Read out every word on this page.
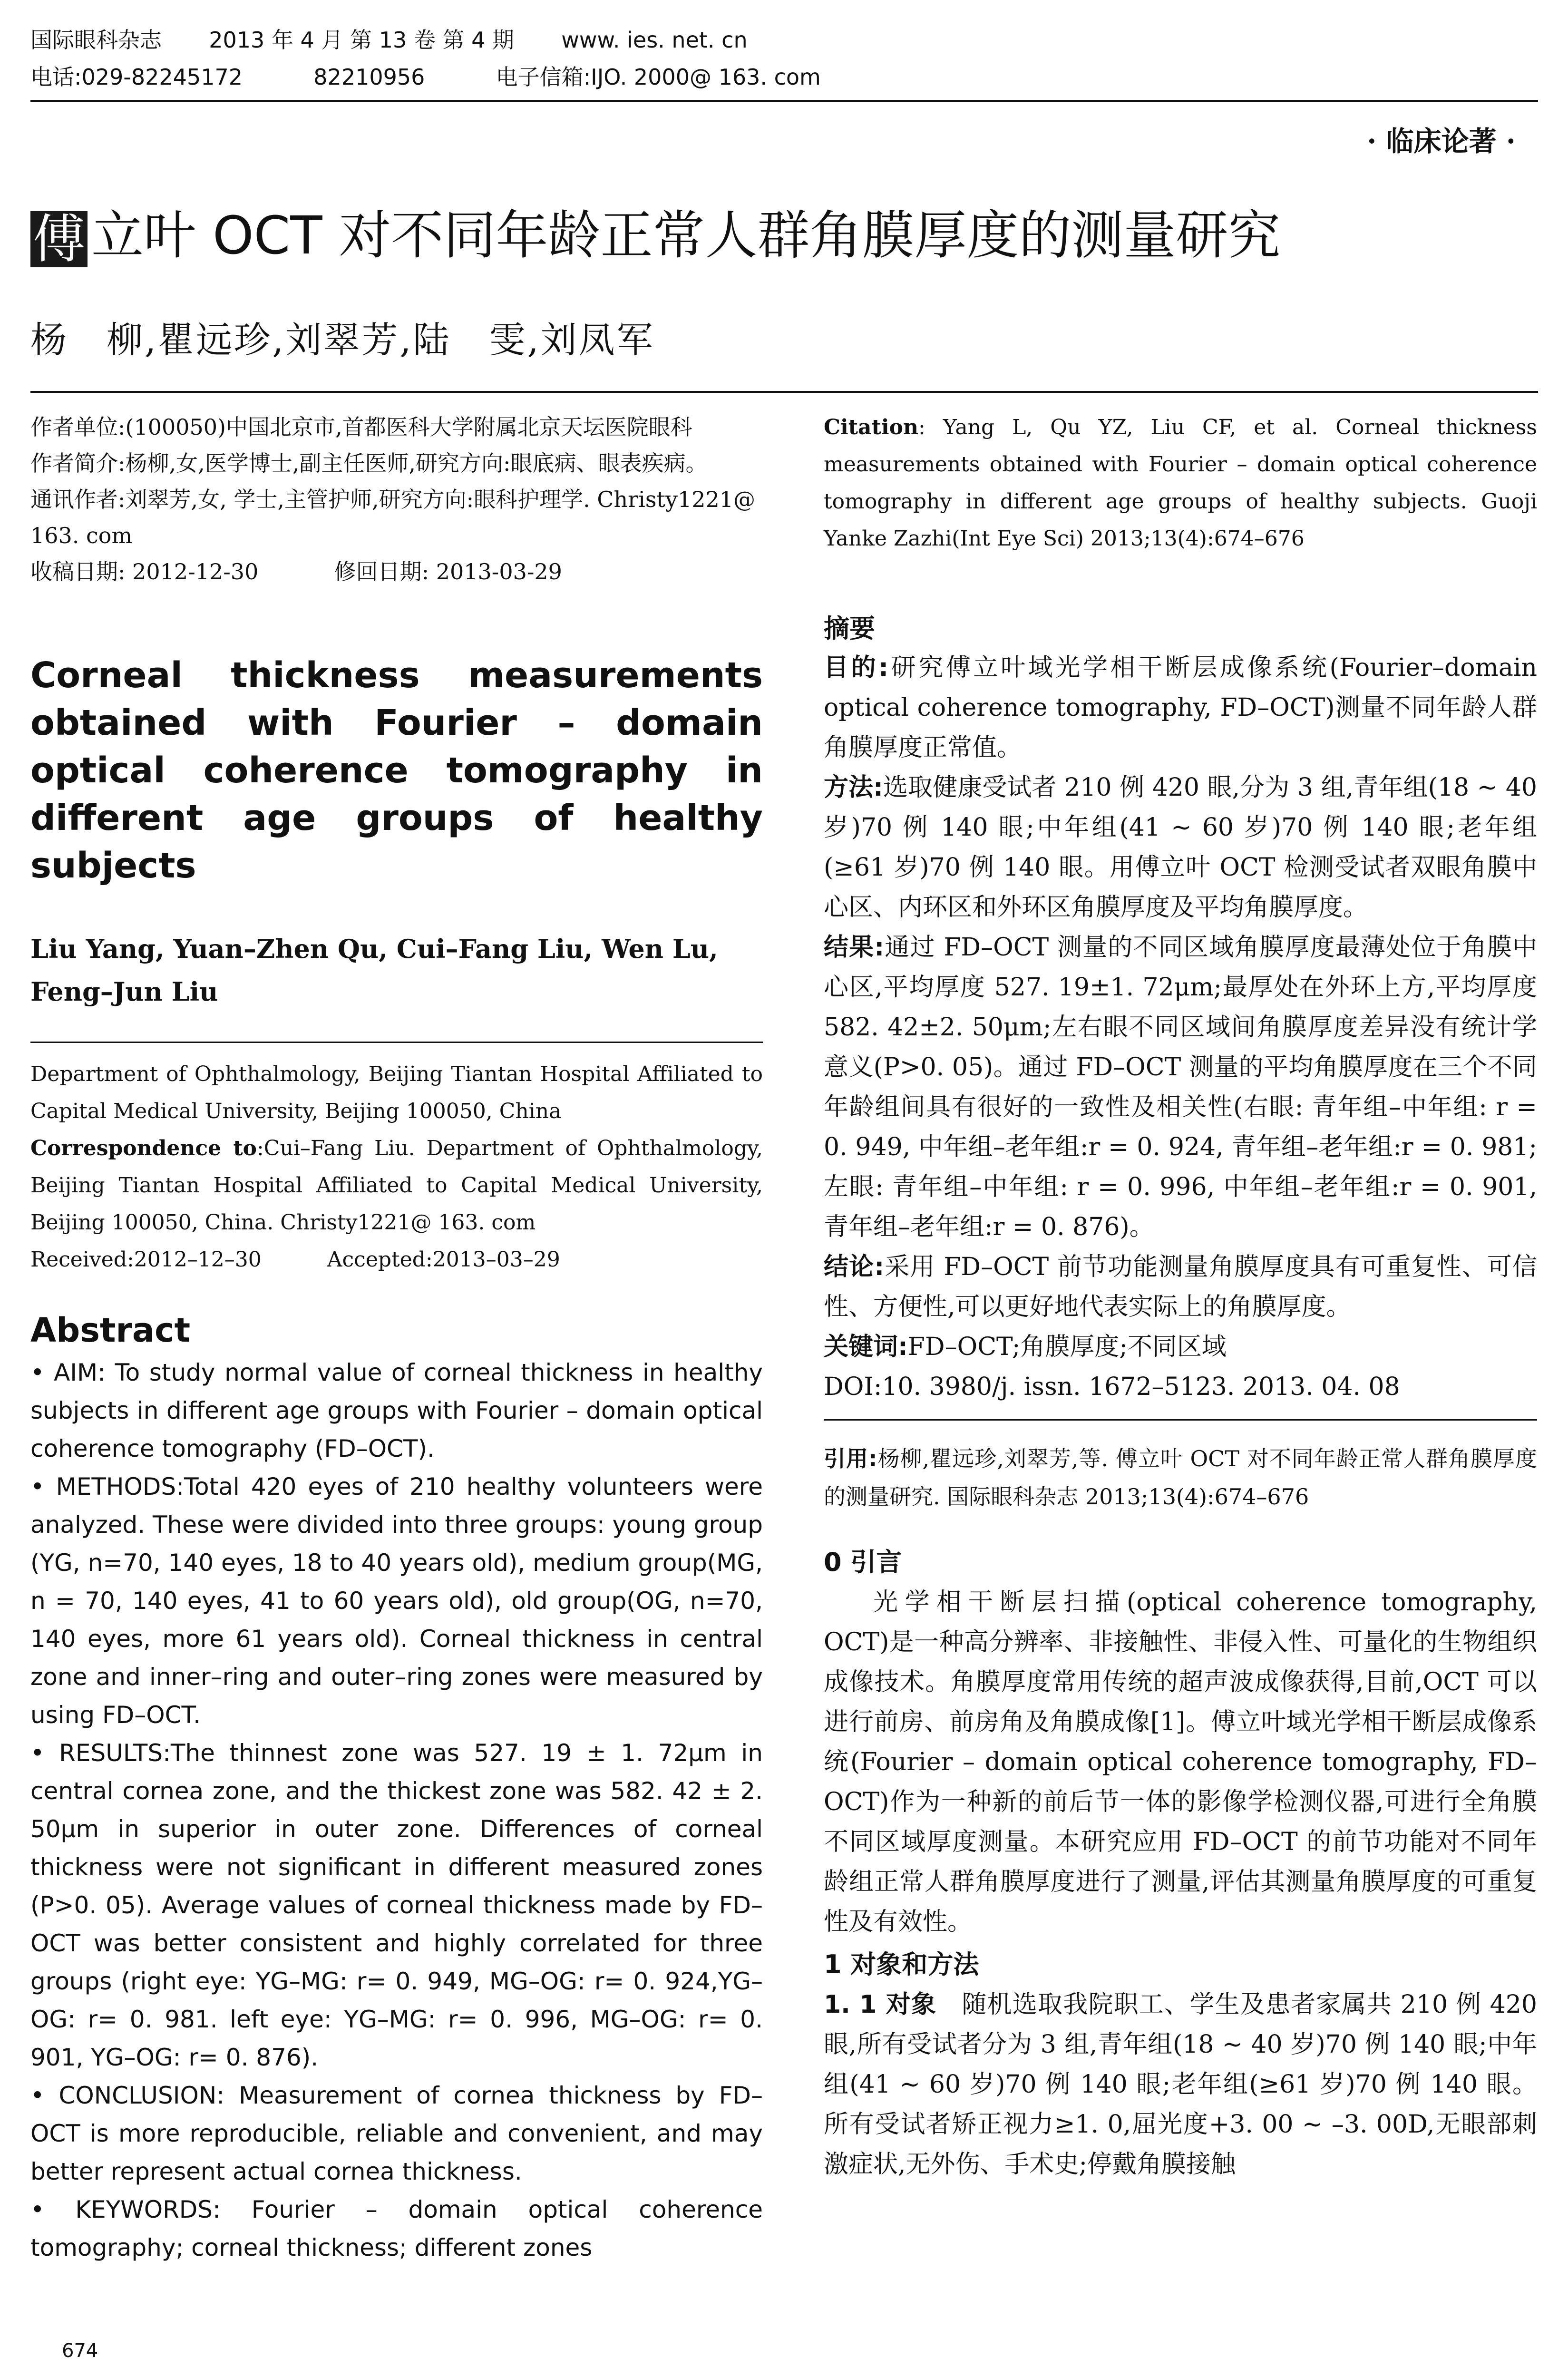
国际眼科杂志 2013 年 4 月 第 13 卷 第 4 期 www. ies. net. cn
电话:029-82245172	82210956	电子信箱:IJO. 2000@ 163. com
· 临床论著 ·
傅 立叶 OCT 对不同年龄正常人群角膜厚度的测量研究
杨　柳,瞿远珍,刘翠芳,陆　雯,刘凤军

作者单位:(100050)中国北京市,首都医科大学附属北京天坛医院眼科

作者简介:杨柳,女,医学博士,副主任医师,研究方向:眼底病、眼表疾病。

通讯作者:刘翠芳,女, 学士,主管护师,研究方向:眼科护理学. Christy1221@ 163. com

收稿日期: 2012-12-30	修回日期: 2013-03-29

Corneal thickness measurements obtained with Fourier – domain optical coherence tomography in different age groups of healthy subjects
Liu Yang, Yuan–Zhen Qu, Cui–Fang Liu, Wen Lu, Feng–Jun Liu

Department of Ophthalmology, Beijing Tiantan Hospital Affiliated to Capital Medical University, Beijing 100050, China

Correspondence to:Cui–Fang Liu. Department of Ophthalmology, Beijing Tiantan Hospital Affiliated to Capital Medical University, Beijing 100050, China. Christy1221@ 163. com

Received:2012–12–30	Accepted:2013–03–29

Abstract

• AIM: To study normal value of corneal thickness in healthy subjects in different age groups with Fourier – domain optical coherence tomography (FD–OCT).

• METHODS:Total 420 eyes of 210 healthy volunteers were analyzed. These were divided into three groups: young group (YG, n=70, 140 eyes, 18 to 40 years old), medium group(MG, n = 70, 140 eyes, 41 to 60 years old), old group(OG, n=70, 140 eyes, more 61 years old). Corneal thickness in central zone and inner–ring and outer–ring zones were measured by using FD–OCT.

• RESULTS:The thinnest zone was 527. 19 ± 1. 72μm in central cornea zone, and the thickest zone was 582. 42 ± 2. 50μm in superior in outer zone. Differences of corneal thickness were not significant in different measured zones (P>0. 05). Average values of corneal thickness made by FD– OCT was better consistent and highly correlated for three groups (right eye: YG–MG: r= 0. 949, MG–OG: r= 0. 924,YG–OG: r= 0. 981. left eye: YG–MG: r= 0. 996, MG–OG: r= 0. 901, YG–OG: r= 0. 876).

• CONCLUSION: Measurement of cornea thickness by FD– OCT is more reproducible, reliable and convenient, and may better represent actual cornea thickness.

• KEYWORDS: Fourier – domain optical coherence tomography; corneal thickness; different zones

674
Citation: Yang L, Qu YZ, Liu CF, et al. Corneal thickness measurements obtained with Fourier – domain optical coherence tomography in different age groups of healthy subjects. Guoji Yanke Zazhi(Int Eye Sci) 2013;13(4):674–676
摘要
目的:研究傅立叶域光学相干断层成像系统(Fourier–domain optical coherence tomography, FD–OCT)测量不同年龄人群角膜厚度正常值。
方法:选取健康受试者 210 例 420 眼,分为 3 组,青年组(18 ~ 40 岁)70 例 140 眼;中年组(41 ~ 60 岁)70 例 140 眼;老年组(≥61 岁)70 例 140 眼。用傅立叶 OCT 检测受试者双眼角膜中心区、内环区和外环区角膜厚度及平均角膜厚度。
结果:通过 FD–OCT 测量的不同区域角膜厚度最薄处位于角膜中心区,平均厚度 527. 19±1. 72μm;最厚处在外环上方,平均厚度 582. 42±2. 50μm;左右眼不同区域间角膜厚度差异没有统计学意义(P>0. 05)。通过 FD–OCT 测量的平均角膜厚度在三个不同年龄组间具有很好的一致性及相关性(右眼: 青年组–中年组: r = 0. 949, 中年组–老年组:r = 0. 924, 青年组–老年组:r = 0. 981;左眼: 青年组–中年组: r = 0. 996, 中年组–老年组:r = 0. 901, 青年组–老年组:r = 0. 876)。
结论:采用 FD–OCT 前节功能测量角膜厚度具有可重复性、可信性、方便性,可以更好地代表实际上的角膜厚度。
关键词:FD–OCT;角膜厚度;不同区域
DOI:10. 3980/j. issn. 1672–5123. 2013. 04. 08
引用:杨柳,瞿远珍,刘翠芳,等. 傅立叶 OCT 对不同年龄正常人群角膜厚度的测量研究. 国际眼科杂志 2013;13(4):674–676
0 引言
光学相干断层扫描(optical coherence tomography, OCT)是一种高分辨率、非接触性、非侵入性、可量化的生物组织成像技术。角膜厚度常用传统的超声波成像获得,目前,OCT 可以进行前房、前房角及角膜成像[1]。傅立叶域光学相干断层成像系统(Fourier – domain optical coherence tomography, FD–OCT)作为一种新的前后节一体的影像学检测仪器,可进行全角膜不同区域厚度测量。本研究应用 FD–OCT 的前节功能对不同年龄组正常人群角膜厚度进行了测量,评估其测量角膜厚度的可重复性及有效性。
1 对象和方法
1. 1 对象　 随机选取我院职工、学生及患者家属共 210 例 420 眼,所有受试者分为 3 组,青年组(18 ~ 40 岁)70 例 140 眼;中年组(41 ~ 60 岁)70 例 140 眼;老年组(≥61 岁)70 例 140 眼。所有受试者矫正视力≥1. 0,屈光度+3. 00 ~ –3. 00D,无眼部刺激症状,无外伤、手术史;停戴角膜接触
